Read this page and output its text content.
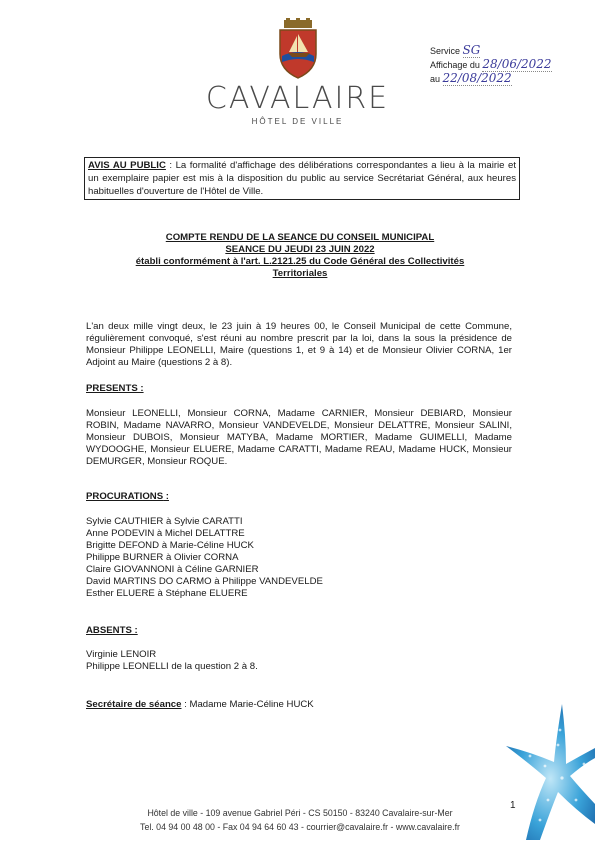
CAVALAIRE
HÔTEL DE VILLE
Service SG
Affichage du 28/06/2022
au 22/08/2022
AVIS AU PUBLIC : La formalité d'affichage des délibérations correspondantes a lieu à la mairie et un exemplaire papier est mis à la disposition du public au service Secrétariat Général, aux heures habituelles d'ouverture de l'Hôtel de Ville.
COMPTE RENDU DE LA SEANCE DU CONSEIL MUNICIPAL
SEANCE DU JEUDI 23 JUIN 2022
établi conformément à l'art. L.2121.25 du Code Général des Collectivités
Territoriales
L'an deux mille vingt deux, le 23 juin à 19 heures 00, le Conseil Municipal de cette Commune, régulièrement convoqué, s'est réuni au nombre prescrit par la loi, dans la sous la présidence de Monsieur Philippe LEONELLI, Maire (questions 1, et 9 à 14) et de Monsieur Olivier CORNA, 1er Adjoint au Maire (questions 2 à 8).
PRESENTS :
Monsieur LEONELLI, Monsieur CORNA, Madame CARNIER, Monsieur DEBIARD, Monsieur ROBIN, Madame NAVARRO, Monsieur VANDEVELDE, Monsieur DELATTRE, Monsieur SALINI, Monsieur DUBOIS, Monsieur MATYBA, Madame MORTIER, Madame GUIMELLI, Madame WYDOOGHE, Monsieur ELUERE, Madame CARATTI, Madame REAU, Madame HUCK, Monsieur DEMURGER, Monsieur ROQUE.
PROCURATIONS :
Sylvie CAUTHIER à Sylvie CARATTI
Anne PODEVIN à Michel DELATTRE
Brigitte DEFOND à Marie-Céline HUCK
Philippe BURNER à Olivier CORNA
Claire GIOVANNONI à Céline GARNIER
David MARTINS DO CARMO à Philippe VANDEVELDE
Esther ELUERE à Stéphane ELUERE
ABSENTS :
Virginie LENOIR
Philippe LEONELLI de la question 2 à 8.
Secrétaire de séance : Madame Marie-Céline HUCK
1
Hôtel de ville - 109 avenue Gabriel Péri - CS 50150 - 83240 Cavalaire-sur-Mer
Tel. 04 94 00 48 00 - Fax 04 94 64 60 43 - courrier@cavalaire.fr - www.cavalaire.fr
